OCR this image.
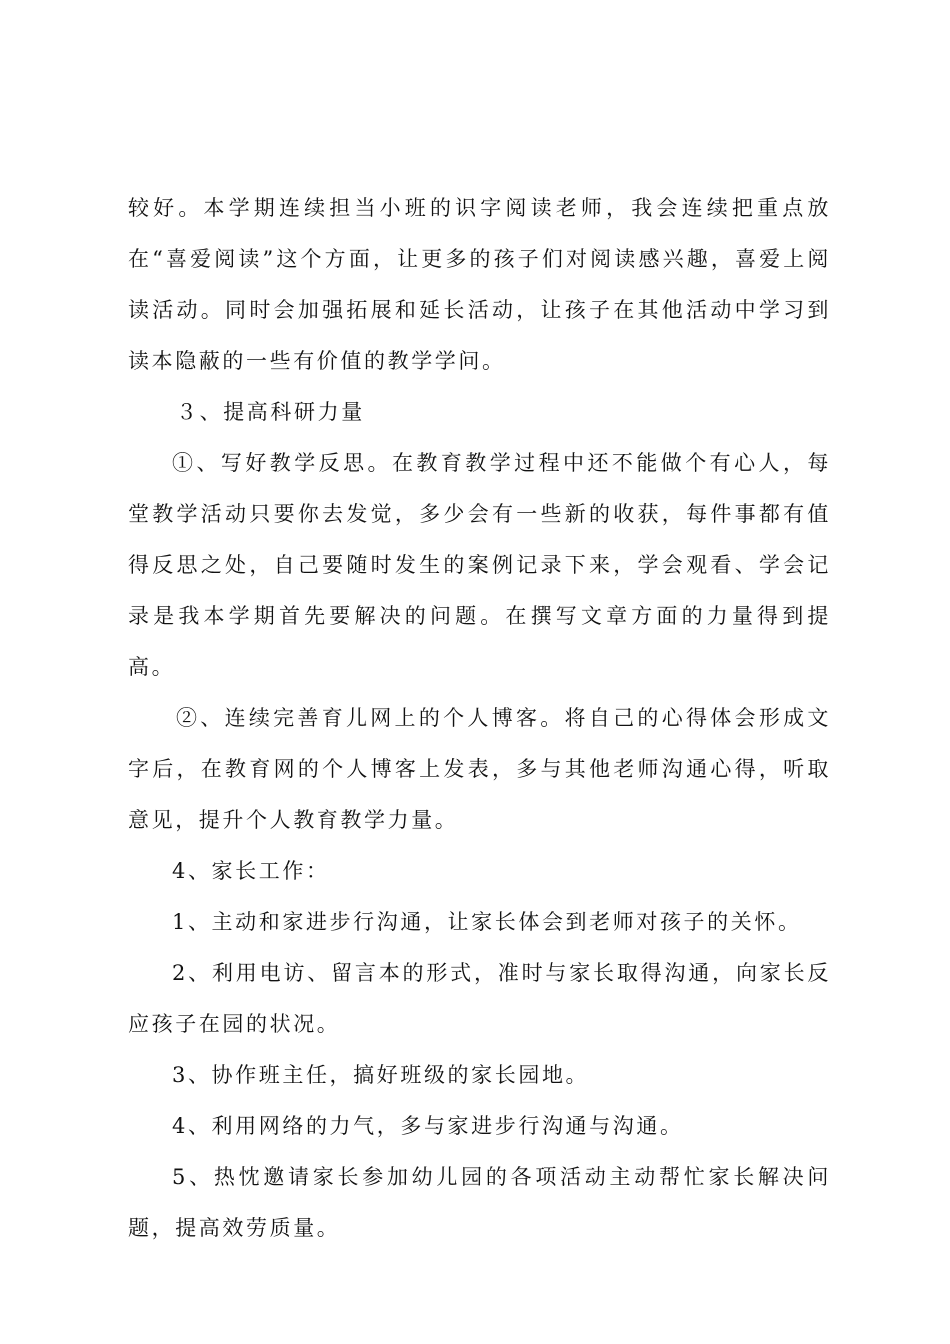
较好。本学期连续担当小班的识字阅读老师，我会连续把重点放在“喜爱阅读”这个方面，让更多的孩子们对阅读感兴趣，喜爱上阅读活动。同时会加强拓展和延长活动，让孩子在其他活动中学习到读本隐蔽的一些有价值的教学学问。

３、提高科研力量

①、写好教学反思。在教育教学过程中还不能做个有心人，每堂教学活动只要你去发觉，多少会有一些新的收获，每件事都有值得反思之处，自己要随时发生的案例记录下来，学会观看、学会记录是我本学期首先要解决的问题。在撰写文章方面的力量得到提高。

②、连续完善育儿网上的个人博客。将自己的心得体会形成文字后，在教育网的个人博客上发表，多与其他老师沟通心得，听取意见，提升个人教育教学力量。

4、家长工作：

1、主动和家进步行沟通，让家长体会到老师对孩子的关怀。

2、利用电访、留言本的形式，准时与家长取得沟通，向家长反应孩子在园的状况。

3、协作班主任，搞好班级的家长园地。

4、利用网络的力气，多与家进步行沟通与沟通。

5、热忱邀请家长参加幼儿园的各项活动主动帮忙家长解决问题，提高效劳质量。
